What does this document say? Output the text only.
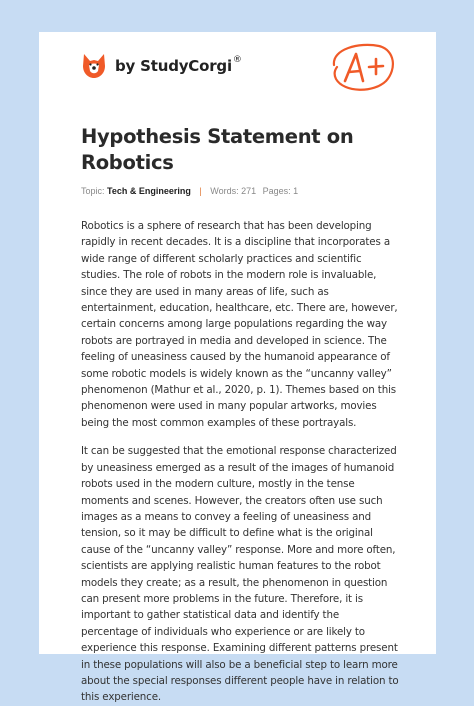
by StudyCorgi®
Hypothesis Statement on Robotics
Topic: Tech & Engineering | Words: 271 Pages: 1

Robotics is a sphere of research that has been developing rapidly in recent decades. It is a discipline that incorporates a wide range of different scholarly practices and scientific studies. The role of robots in the modern role is invaluable, since they are used in many areas of life, such as entertainment, education, healthcare, etc. There are, however, certain concerns among large populations regarding the way robots are portrayed in media and developed in science. The feeling of uneasiness caused by the humanoid appearance of some robotic models is widely known as the “uncanny valley” phenomenon (Mathur et al., 2020, p. 1). Themes based on this phenomenon were used in many popular artworks, movies being the most common examples of these portrayals.

It can be suggested that the emotional response characterized by uneasiness emerged as a result of the images of humanoid robots used in the modern culture, mostly in the tense moments and scenes. However, the creators often use such images as a means to convey a feeling of uneasiness and tension, so it may be difficult to define what is the original cause of the “uncanny valley” response. More and more often, scientists are applying realistic human features to the robot models they create; as a result, the phenomenon in question can present more problems in the future. Therefore, it is important to gather statistical data and identify the percentage of individuals who experience or are likely to experience this response. Examining different patterns present in these populations will also be a beneficial step to learn more about the special responses different people have in relation to this experience.
